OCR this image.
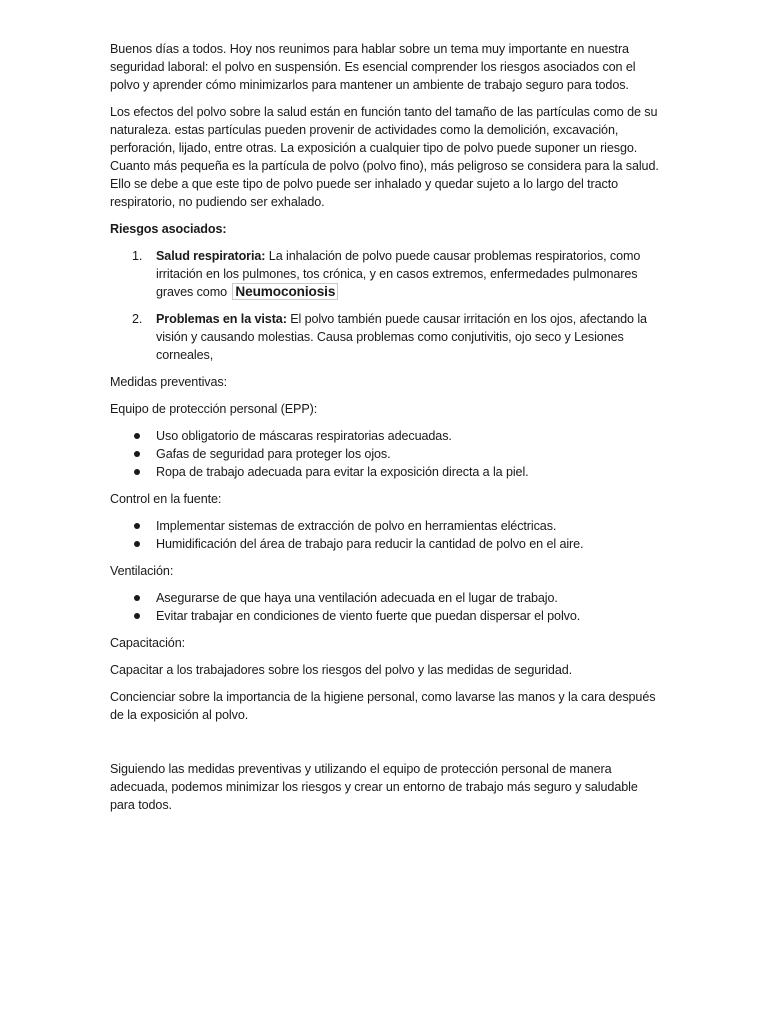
Buenos días a todos. Hoy nos reunimos para hablar sobre un tema muy importante en nuestra seguridad laboral: el polvo en suspensión. Es esencial comprender los riesgos asociados con el polvo y aprender cómo minimizarlos para mantener un ambiente de trabajo seguro para todos.

Los efectos del polvo sobre la salud están en función tanto del tamaño de las partículas como de su naturaleza. estas partículas pueden provenir de actividades como la demolición, excavación, perforación, lijado, entre otras. La exposición a cualquier tipo de polvo puede suponer un riesgo. Cuanto más pequeña es la partícula de polvo (polvo fino), más peligroso se considera para la salud. Ello se debe a que este tipo de polvo puede ser inhalado y quedar sujeto a lo largo del tracto respiratorio, no pudiendo ser exhalado.

Riesgos asociados:

1. Salud respiratoria: La inhalación de polvo puede causar problemas respiratorios, como irritación en los pulmones, tos crónica, y en casos extremos, enfermedades pulmonares graves como Neumoconiosis
2. Problemas en la vista: El polvo también puede causar irritación en los ojos, afectando la visión y causando molestias. Causa problemas como conjutivitis, ojo seco y Lesiones corneales,

Medidas preventivas:

Equipo de protección personal (EPP):

Uso obligatorio de máscaras respiratorias adecuadas.
Gafas de seguridad para proteger los ojos.
Ropa de trabajo adecuada para evitar la exposición directa a la piel.

Control en la fuente:

Implementar sistemas de extracción de polvo en herramientas eléctricas.
Humidificación del área de trabajo para reducir la cantidad de polvo en el aire.

Ventilación:

Asegurarse de que haya una ventilación adecuada en el lugar de trabajo.
Evitar trabajar en condiciones de viento fuerte que puedan dispersar el polvo.

Capacitación:

Capacitar a los trabajadores sobre los riesgos del polvo y las medidas de seguridad.

Concienciar sobre la importancia de la higiene personal, como lavarse las manos y la cara después de la exposición al polvo.

Siguiendo las medidas preventivas y utilizando el equipo de protección personal de manera adecuada, podemos minimizar los riesgos y crear un entorno de trabajo más seguro y saludable para todos.
